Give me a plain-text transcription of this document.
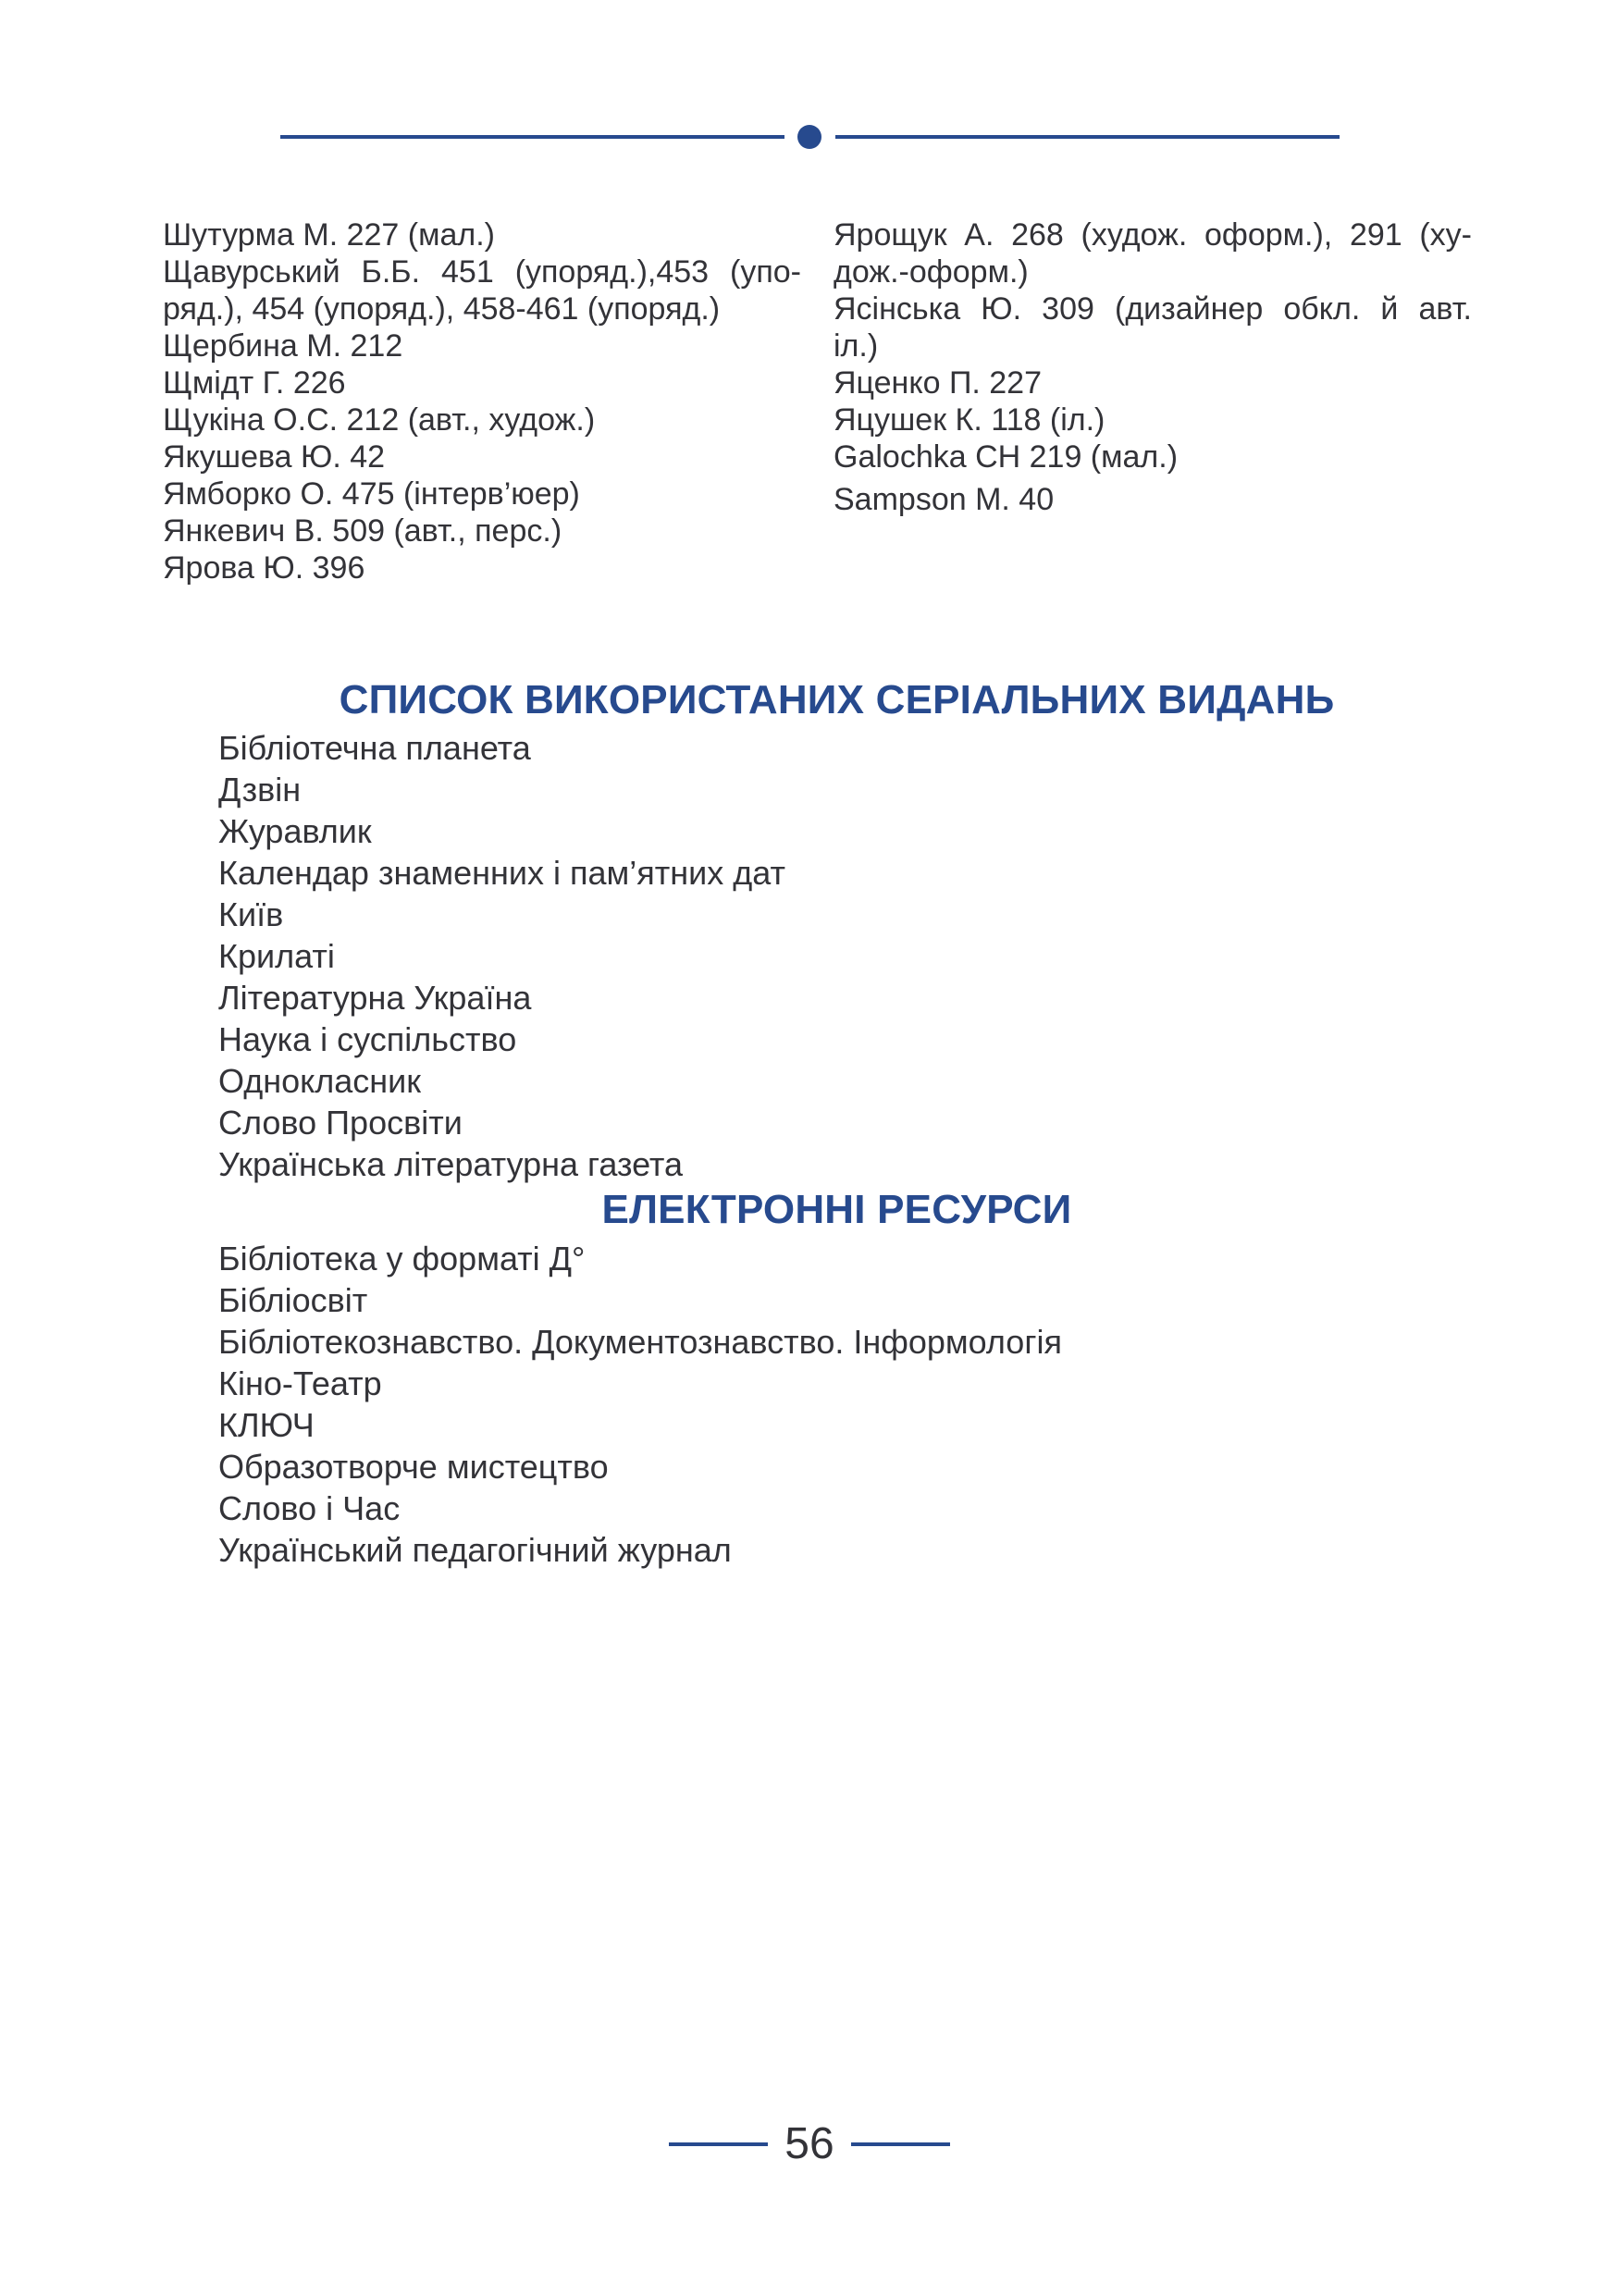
Шутурма М. 227 (мал.)
Щавурський Б.Б. 451 (упоряд.),453 (упо-
ряд.), 454 (упоряд.), 458-461 (упоряд.)
Щербина М. 212
Щмідт Г. 226
Щукіна О.С. 212 (авт., худож.)
Якушева Ю. 42
Ямборко О. 475 (інтерв’юер)
Янкевич В. 509 (авт., перс.)
Ярова Ю. 396
Ярощук А. 268 (худож. оформ.), 291 (ху-
дож.-оформ.)
Ясінська Ю. 309 (дизайнер обкл. й авт.
іл.)
Яценко П. 227
Яцушек К. 118 (іл.)
Galochka CH 219 (мал.)
Sampson M. 40
СПИСОК ВИКОРИСТАНИХ СЕРІАЛЬНИХ ВИДАНЬ
Бібліотечна планета
Дзвін
Журавлик
Календар знаменних і пам’ятних дат
Київ
Крилаті
Літературна Україна
Наука і суспільство
Однокласник
Слово Просвіти
Українська літературна газета
ЕЛЕКТРОННІ РЕСУРСИ
Бібліотека у форматі Д°
Бібліосвіт
Бібліотекознавство. Документознавство. Інформологія
Кіно-Театр
КЛЮЧ
Образотворче мистецтво
Слово і Час
Український педагогічний журнал
56
